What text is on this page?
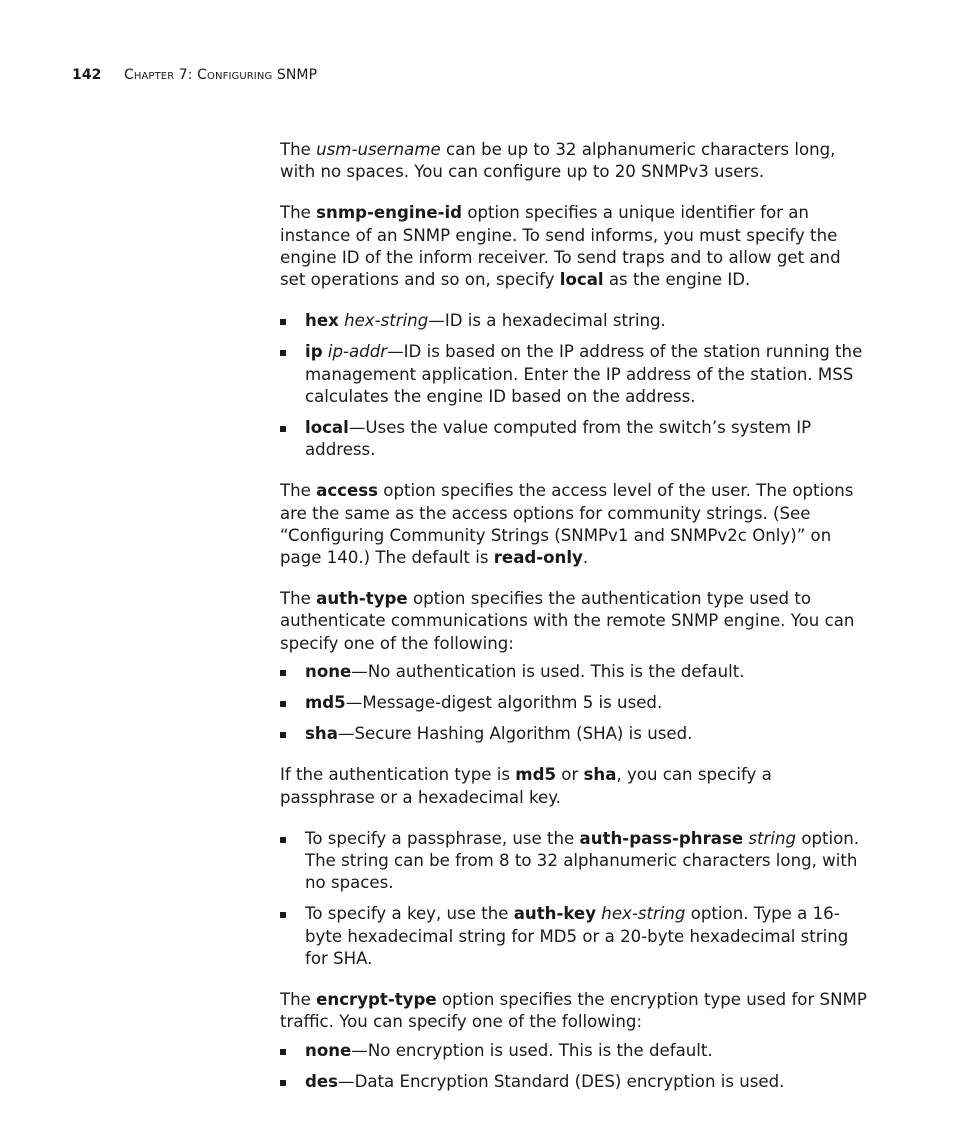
142 Chapter 7: Configuring SNMP

The usm-username can be up to 32 alphanumeric characters long, with no spaces. You can configure up to 20 SNMPv3 users.

The snmp-engine-id option specifies a unique identifier for an instance of an SNMP engine. To send informs, you must specify the engine ID of the inform receiver. To send traps and to allow get and set operations and so on, specify local as the engine ID.

hex hex-string—ID is a hexadecimal string.
ip ip-addr—ID is based on the IP address of the station running the management application. Enter the IP address of the station. MSS calculates the engine ID based on the address.
local—Uses the value computed from the switch’s system IP address.

The access option specifies the access level of the user. The options are the same as the access options for community strings. (See “Configuring Community Strings (SNMPv1 and SNMPv2c Only)” on page 140.) The default is read-only.

The auth-type option specifies the authentication type used to authenticate communications with the remote SNMP engine. You can specify one of the following:

none—No authentication is used. This is the default.
md5—Message-digest algorithm 5 is used.
sha—Secure Hashing Algorithm (SHA) is used.

If the authentication type is md5 or sha, you can specify a passphrase or a hexadecimal key.

To specify a passphrase, use the auth-pass-phrase string option. The string can be from 8 to 32 alphanumeric characters long, with no spaces.
To specify a key, use the auth-key hex-string option. Type a 16-byte hexadecimal string for MD5 or a 20-byte hexadecimal string for SHA.

The encrypt-type option specifies the encryption type used for SNMP traffic. You can specify one of the following:

none—No encryption is used. This is the default.
des—Data Encryption Standard (DES) encryption is used.
